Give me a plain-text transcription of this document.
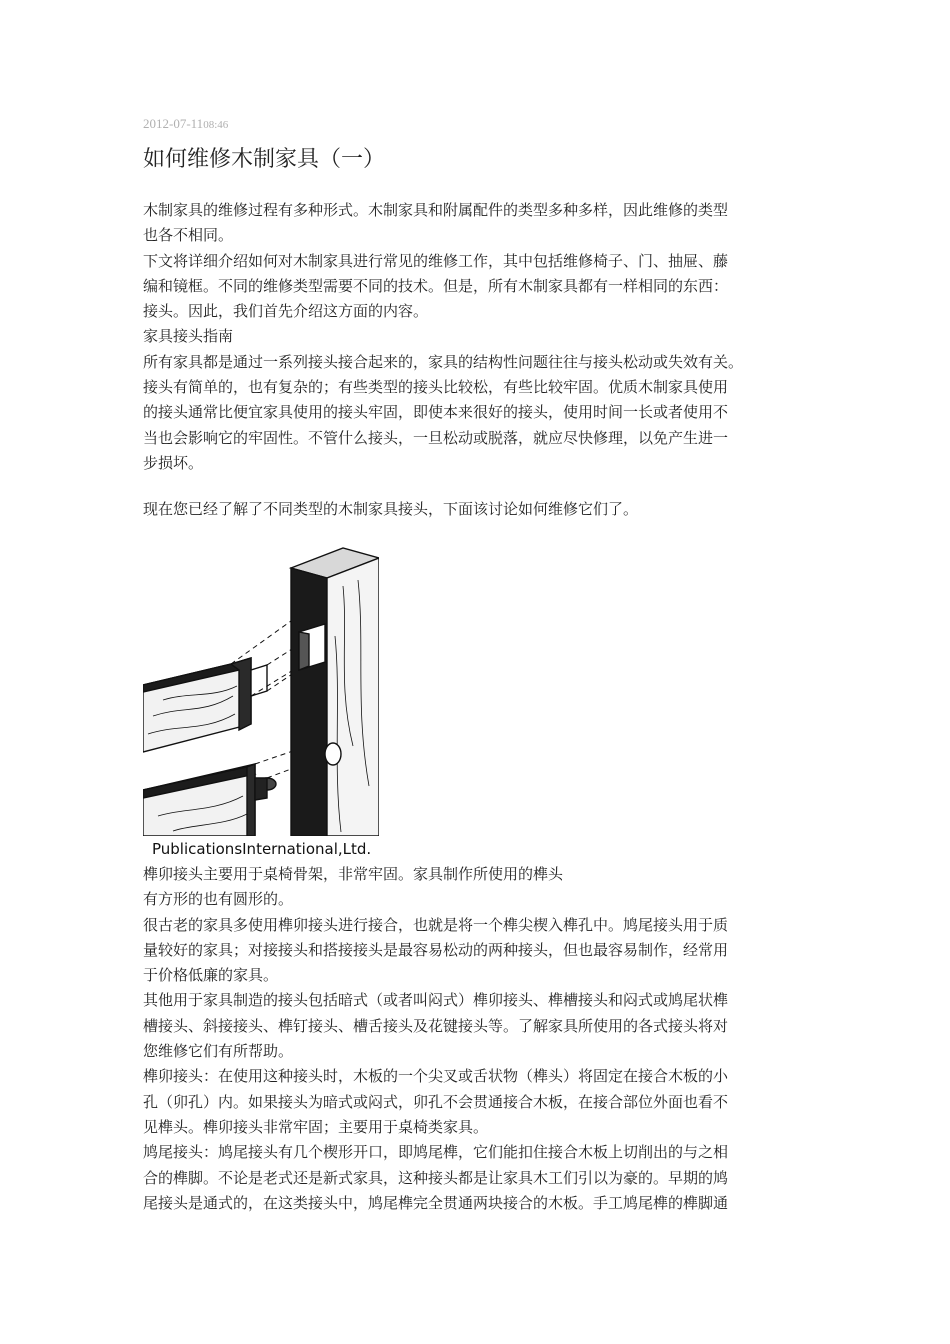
2012-07-1108:46
如何维修木制家具（一）

木制家具的维修过程有多种形式。木制家具和附属配件的类型多种多样，因此维修的类型

也各不相同。

下文将详细介绍如何对木制家具进行常见的维修工作，其中包括维修椅子、门、抽屉、藤

编和镜框。不同的维修类型需要不同的技术。但是，所有木制家具都有一样相同的东西：

接头。因此，我们首先介绍这方面的内容。

家具接头指南

所有家具都是通过一系列接头接合起来的，家具的结构性问题往往与接头松动或失效有关。

接头有简单的，也有复杂的；有些类型的接头比较松，有些比较牢固。优质木制家具使用

的接头通常比便宜家具使用的接头牢固，即使本来很好的接头，使用时间一长或者使用不

当也会影响它的牢固性。不管什么接头，一旦松动或脱落，就应尽快修理，以免产生进一

步损坏。

现在您已经了解了不同类型的木制家具接头，下面该讨论如何维修它们了。

PublicationsInternational,Ltd.

榫卯接头主要用于桌椅骨架，非常牢固。家具制作所使用的榫头

有方形的也有圆形的。

很古老的家具多使用榫卯接头进行接合，也就是将一个榫尖楔入榫孔中。鸠尾接头用于质

量较好的家具；对接接头和搭接接头是最容易松动的两种接头，但也最容易制作，经常用

于价格低廉的家具。

其他用于家具制造的接头包括暗式（或者叫闷式）榫卯接头、榫槽接头和闷式或鸠尾状榫

槽接头、斜接接头、榫钉接头、槽舌接头及花键接头等。了解家具所使用的各式接头将对

您维修它们有所帮助。

榫卯接头：在使用这种接头时，木板的一个尖叉或舌状物（榫头）将固定在接合木板的小

孔（卯孔）内。如果接头为暗式或闷式，卯孔不会贯通接合木板，在接合部位外面也看不

见榫头。榫卯接头非常牢固；主要用于桌椅类家具。

鸠尾接头：鸠尾接头有几个楔形开口，即鸠尾榫，它们能扣住接合木板上切削出的与之相

合的榫脚。不论是老式还是新式家具，这种接头都是让家具木工们引以为豪的。早期的鸠

尾接头是通式的，在这类接头中，鸠尾榫完全贯通两块接合的木板。手工鸠尾榫的榫脚通
